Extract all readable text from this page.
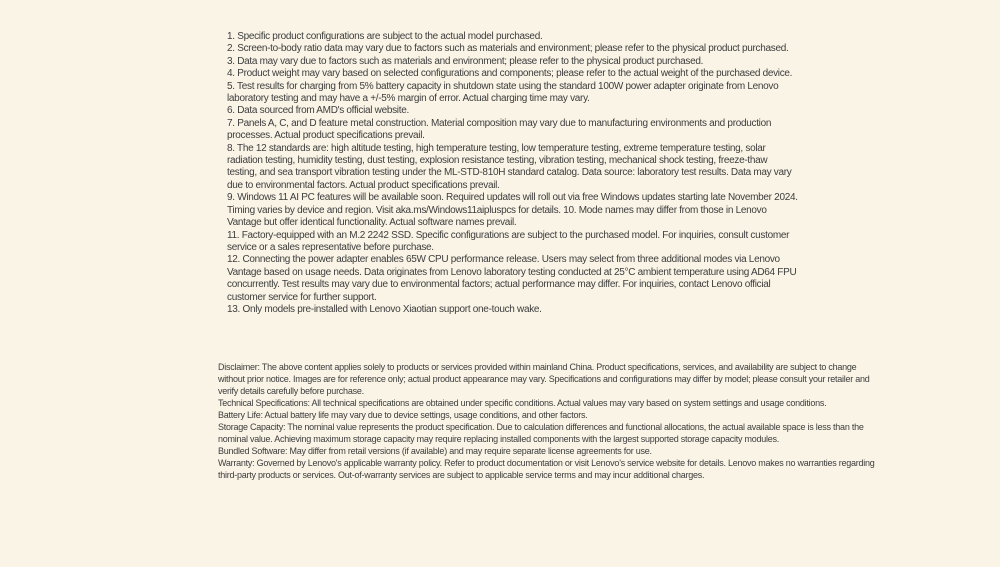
1. Specific product configurations are subject to the actual model purchased.

2. Screen-to-body ratio data may vary due to factors such as materials and environment; please refer to the physical product purchased.

3. Data may vary due to factors such as materials and environment; please refer to the physical product purchased.

4. Product weight may vary based on selected configurations and components; please refer to the actual weight of the purchased device.

5. Test results for charging from 5% battery capacity in shutdown state using the standard 100W power adapter originate from Lenovo laboratory testing and may have a +/-5% margin of error. Actual charging time may vary.

6. Data sourced from AMD's official website.

7. Panels A, C, and D feature metal construction. Material composition may vary due to manufacturing environments and production processes. Actual product specifications prevail.

8. The 12 standards are: high altitude testing, high temperature testing, low temperature testing, extreme temperature testing, solar radiation testing, humidity testing, dust testing, explosion resistance testing, vibration testing, mechanical shock testing, freeze-thaw testing, and sea transport vibration testing under the ML-STD-810H standard catalog. Data source: laboratory test results. Data may vary due to environmental factors. Actual product specifications prevail.

9. Windows 11 AI PC features will be available soon. Required updates will roll out via free Windows updates starting late November 2024. Timing varies by device and region. Visit aka.ms/Windows11aipluspcs for details. 10. Mode names may differ from those in Lenovo Vantage but offer identical functionality. Actual software names prevail.

11. Factory-equipped with an M.2 2242 SSD. Specific configurations are subject to the purchased model. For inquiries, consult customer service or a sales representative before purchase.

12. Connecting the power adapter enables 65W CPU performance release. Users may select from three additional modes via Lenovo Vantage based on usage needs. Data originates from Lenovo laboratory testing conducted at 25°C ambient temperature using AD64 FPU concurrently. Test results may vary due to environmental factors; actual performance may differ. For inquiries, contact Lenovo official customer service for further support.

13. Only models pre-installed with Lenovo Xiaotian support one-touch wake.

Disclaimer: The above content applies solely to products or services provided within mainland China. Product specifications, services, and availability are subject to change without prior notice. Images are for reference only; actual product appearance may vary. Specifications and configurations may differ by model; please consult your retailer and verify details carefully before purchase.

Technical Specifications: All technical specifications are obtained under specific conditions. Actual values may vary based on system settings and usage conditions.

Battery Life: Actual battery life may vary due to device settings, usage conditions, and other factors.

Storage Capacity: The nominal value represents the product specification. Due to calculation differences and functional allocations, the actual available space is less than the nominal value. Achieving maximum storage capacity may require replacing installed components with the largest supported storage capacity modules.

Bundled Software: May differ from retail versions (if available) and may require separate license agreements for use.

Warranty: Governed by Lenovo's applicable warranty policy. Refer to product documentation or visit Lenovo's service website for details. Lenovo makes no warranties regarding third-party products or services. Out-of-warranty services are subject to applicable service terms and may incur additional charges.
